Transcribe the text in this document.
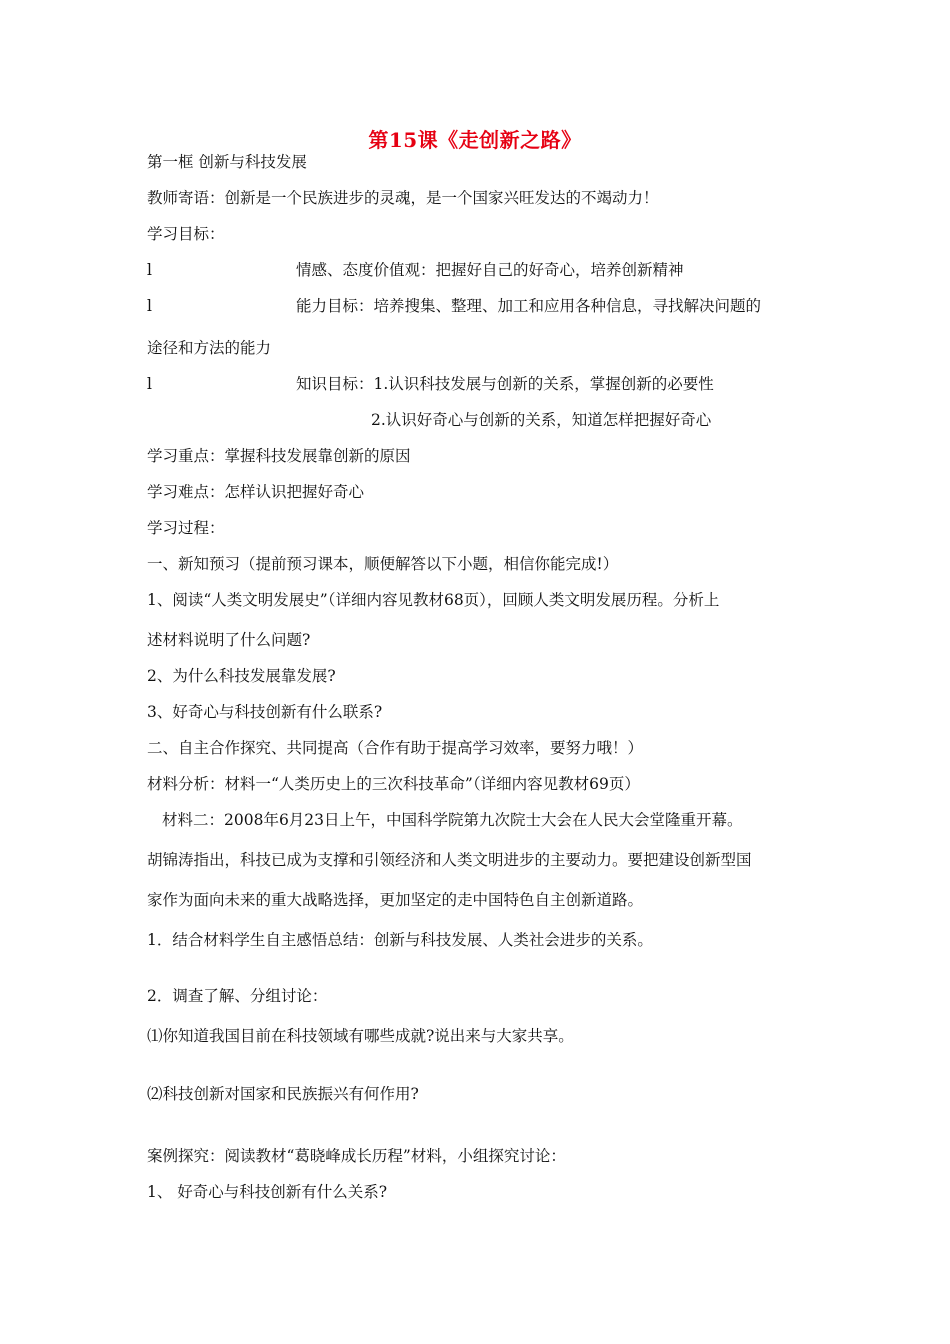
第15课《走创新之路》
第一框 创新与科技发展
教师寄语：创新是一个民族进步的灵魂，是一个国家兴旺发达的不竭动力！
学习目标：
l	情感、态度价值观：把握好自己的好奇心，培养创新精神
l	能力目标：培养搜集、整理、加工和应用各种信息，寻找解决问题的
途径和方法的能力
l	知识目标：1.认识科技发展与创新的关系，掌握创新的必要性
2.认识好奇心与创新的关系，知道怎样把握好奇心
学习重点：掌握科技发展靠创新的原因
学习难点：怎样认识把握好奇心
学习过程：
一、新知预习（提前预习课本，顺便解答以下小题，相信你能完成!）
1、阅读“人类文明发展史”（详细内容见教材68页），回顾人类文明发展历程。分析上
述材料说明了什么问题?
2、为什么科技发展靠发展?
3、好奇心与科技创新有什么联系?
二、自主合作探究、共同提高（合作有助于提高学习效率，要努力哦！）
材料分析：材料一“人类历史上的三次科技革命”（详细内容见教材69页）
材料二：2008年6月23日上午，中国科学院第九次院士大会在人民大会堂隆重开幕。
胡锦涛指出，科技已成为支撑和引领经济和人类文明进步的主要动力。要把建设创新型国
家作为面向未来的重大战略选择，更加坚定的走中国特色自主创新道路。
1．结合材料学生自主感悟总结：创新与科技发展、人类社会进步的关系。
2．调查了解、分组讨论：
⑴你知道我国目前在科技领域有哪些成就?说出来与大家共享。
⑵科技创新对国家和民族振兴有何作用?
案例探究：阅读教材“葛晓峰成长历程”材料，小组探究讨论：
1、 好奇心与科技创新有什么关系?
